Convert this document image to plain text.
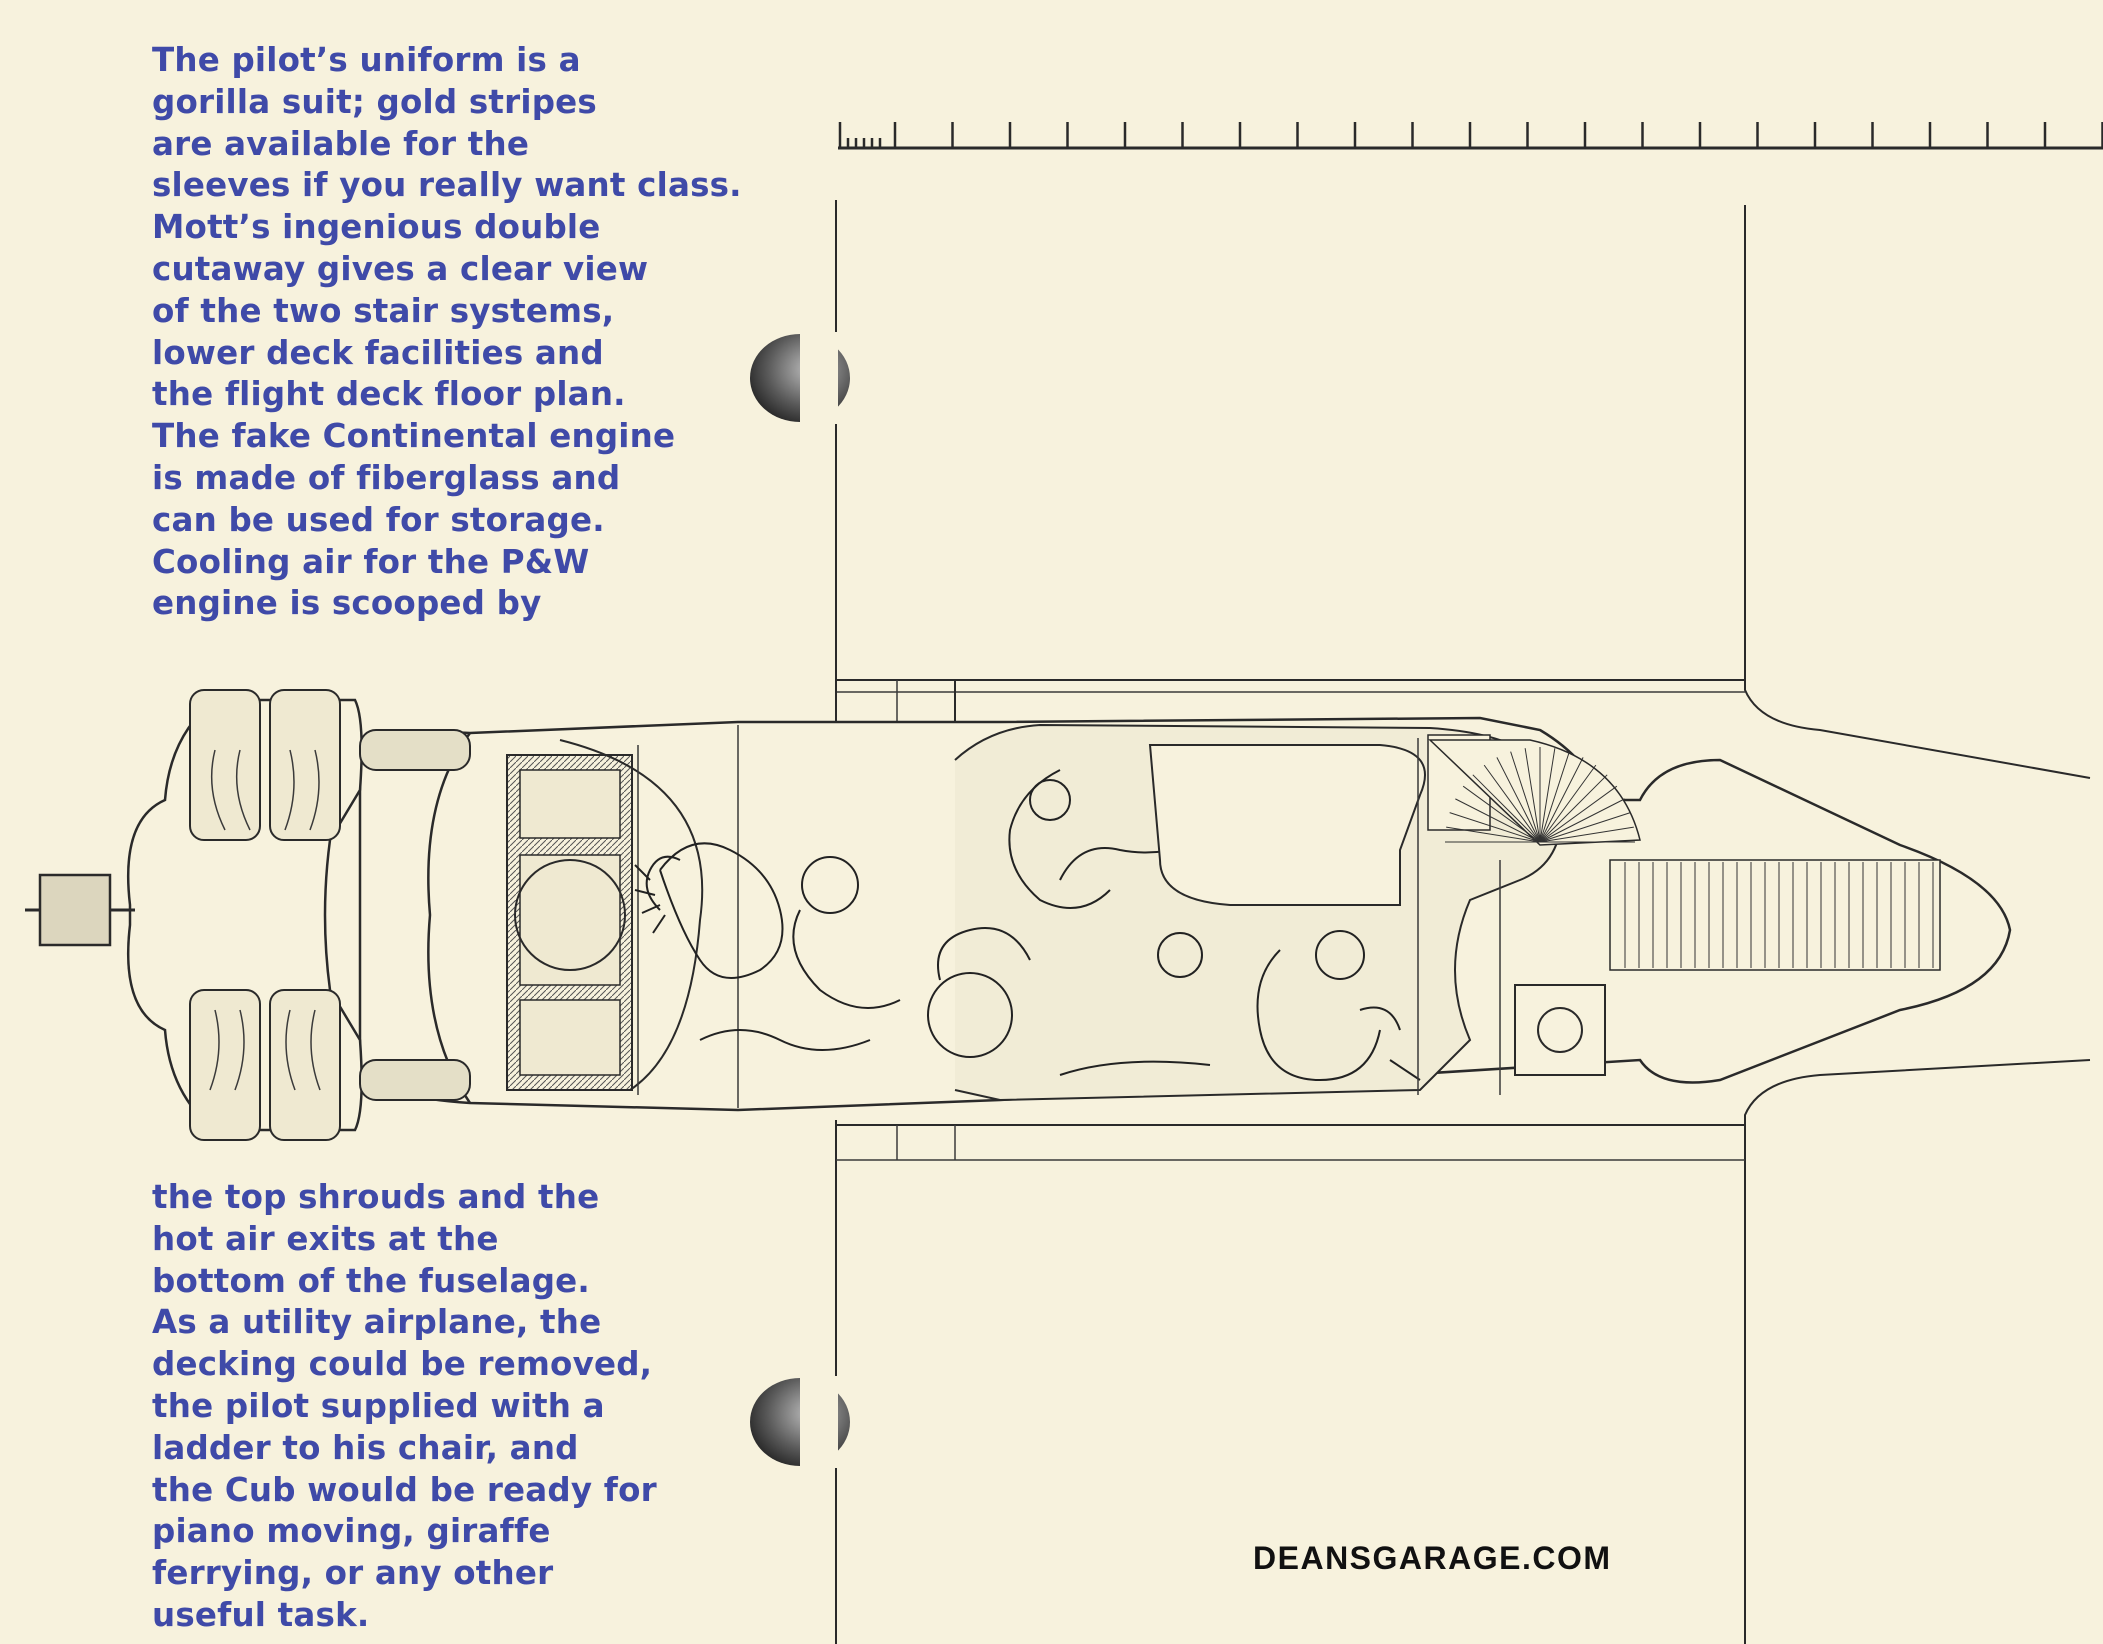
The pilot’s uniform is a
gorilla suit; gold stripes
are available for the
sleeves if you really want class.
Mott’s ingenious double
cutaway gives a clear view
of the two stair systems,
lower deck facilities and
the flight deck floor plan.
The fake Continental engine
is made of fiberglass and
can be used for storage.
Cooling air for the P&W
engine is scooped by

the top shrouds and the
hot air exits at the
bottom of the fuselage.
As a utility airplane, the
decking could be removed,
the pilot supplied with a
ladder to his chair, and
the Cub would be ready for
piano moving, giraffe
ferrying, or any other
useful task.

DEANSGARAGE.COM
